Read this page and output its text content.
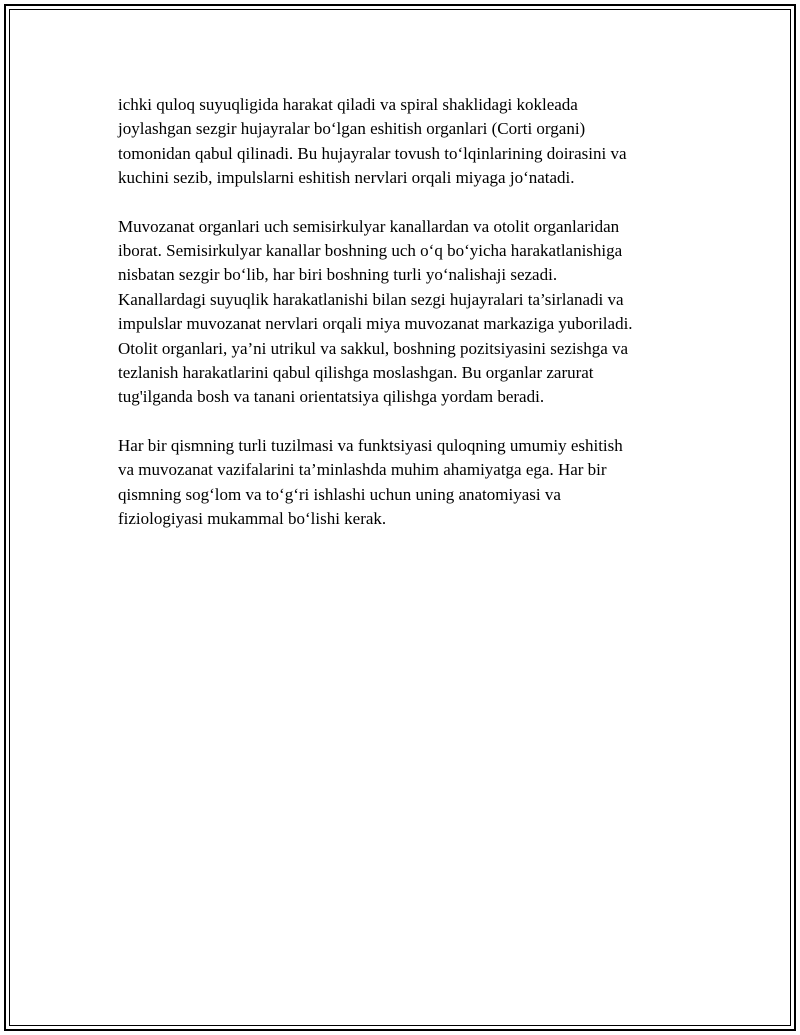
ichki quloq suyuqligida harakat qiladi va spiral shaklidagi kokleada
joylashgan sezgir hujayralar bo‘lgan eshitish organlari (Corti organi)
tomonidan qabul qilinadi. Bu hujayralar tovush to‘lqinlarining doirasini va
kuchini sezib, impulslarni eshitish nervlari orqali miyaga jo‘natadi.

Muvozanat organlari uch semisirkulyar kanallardan va otolit organlaridan
iborat. Semisirkulyar kanallar boshning uch o‘q bo‘yicha harakatlanishiga
nisbatan sezgir bo‘lib, har biri boshning turli yo‘nalishaji sezadi.
Kanallardagi suyuqlik harakatlanishi bilan sezgi hujayralari ta’sirlanadi va
impulslar muvozanat nervlari orqali miya muvozanat markaziga yuboriladi.
Otolit organlari, ya’ni utrikul va sakkul, boshning pozitsiyasini sezishga va
tezlanish harakatlarini qabul qilishga moslashgan. Bu organlar zarurat
tug'ilganda bosh va tanani orientatsiya qilishga yordam beradi.

Har bir qismning turli tuzilmasi va funktsiyasi quloqning umumiy eshitish
va muvozanat vazifalarini ta’minlashda muhim ahamiyatga ega. Har bir
qismning sog‘lom va to‘g‘ri ishlashi uchun uning anatomiyasi va
fiziologiyasi mukammal bo‘lishi kerak.
